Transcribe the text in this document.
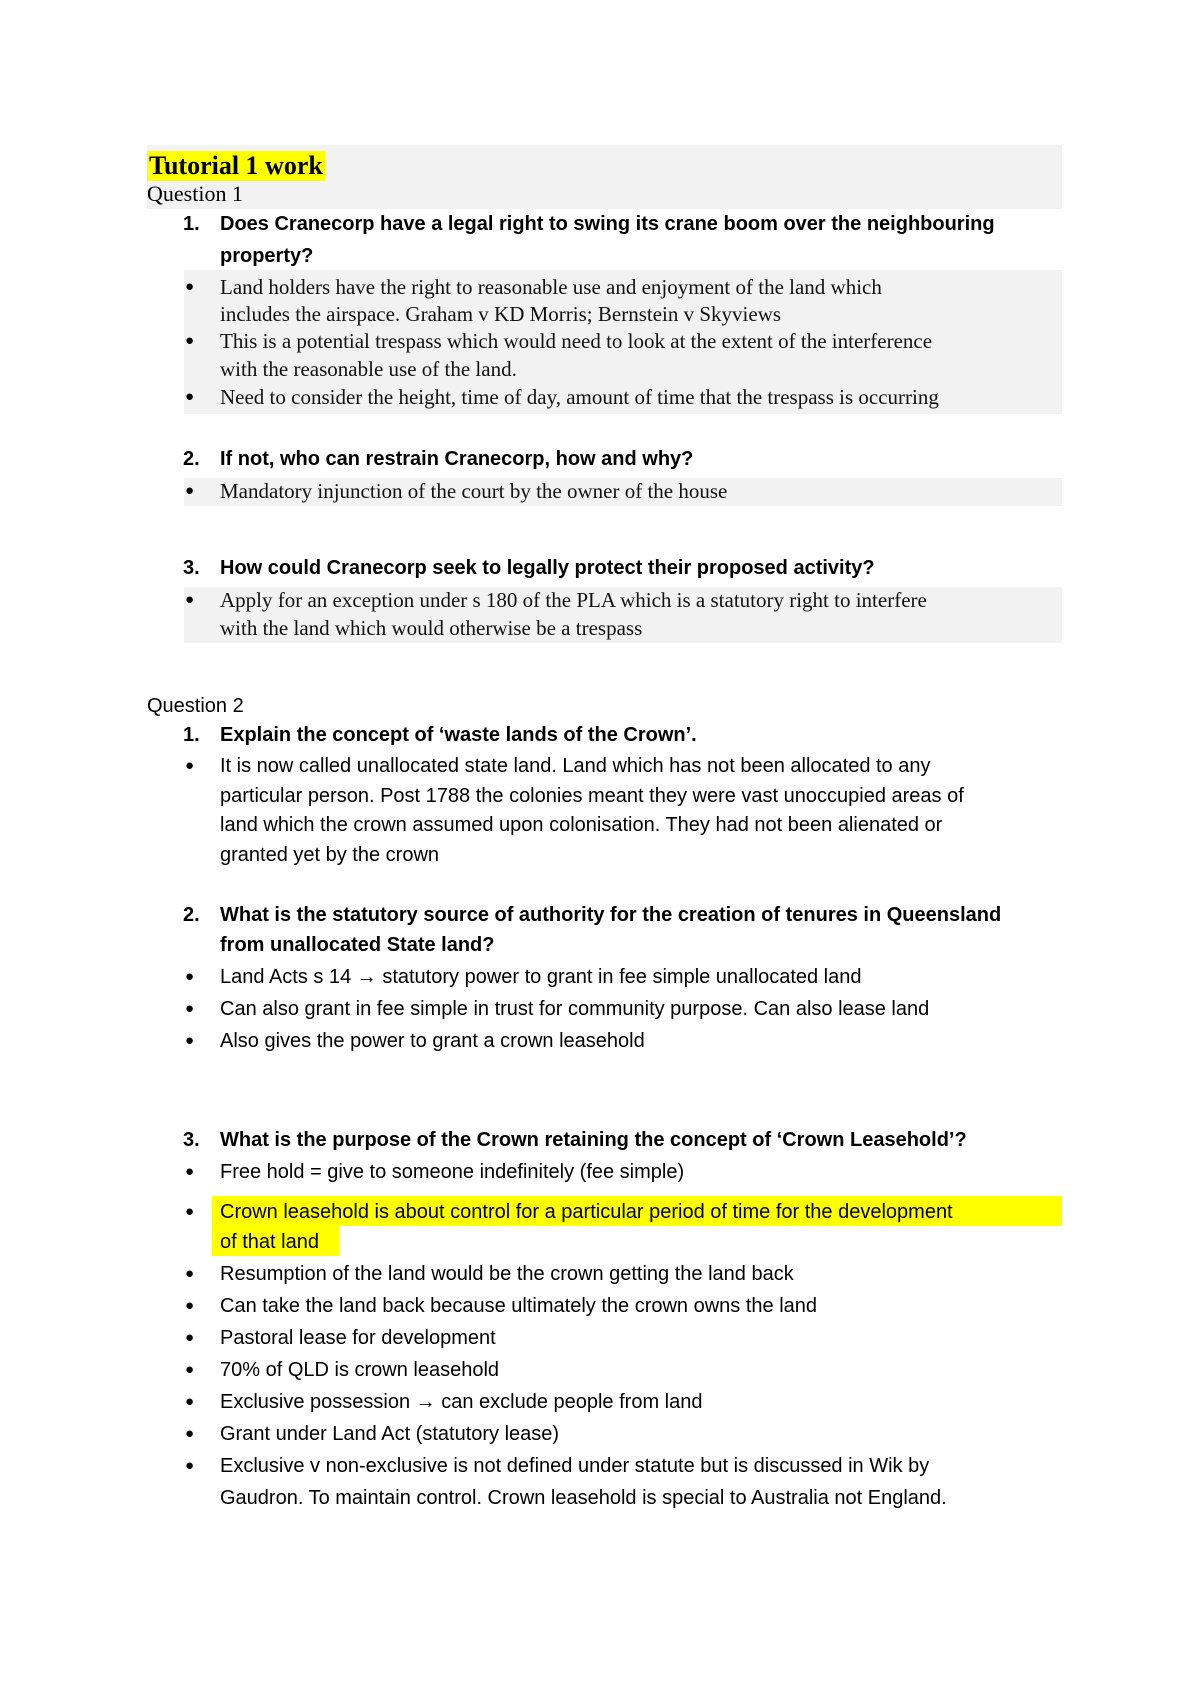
Tutorial 1 work
Question 1
1. Does Cranecorp have a legal right to swing its crane boom over the neighbouring
property?
● Land holders have the right to reasonable use and enjoyment of the land which
includes the airspace. Graham v KD Morris; Bernstein v Skyviews
● This is a potential trespass which would need to look at the extent of the interference
with the reasonable use of the land.
● Need to consider the height, time of day, amount of time that the trespass is occurring
2. If not, who can restrain Cranecorp, how and why?
● Mandatory injunction of the court by the owner of the house
3. How could Cranecorp seek to legally protect their proposed activity?
● Apply for an exception under s 180 of the PLA which is a statutory right to interfere
with the land which would otherwise be a trespass
Question 2
1. Explain the concept of ‘waste lands of the Crown’.
● It is now called unallocated state land. Land which has not been allocated to any
particular person. Post 1788 the colonies meant they were vast unoccupied areas of
land which the crown assumed upon colonisation. They had not been alienated or
granted yet by the crown
2. What is the statutory source of authority for the creation of tenures in Queensland
from unallocated State land?
● Land Acts s 14 → statutory power to grant in fee simple unallocated land
● Can also grant in fee simple in trust for community purpose. Can also lease land
● Also gives the power to grant a crown leasehold
3. What is the purpose of the Crown retaining the concept of ‘Crown Leasehold’?
● Free hold = give to someone indefinitely (fee simple)
● Crown leasehold is about control for a particular period of time for the development
of that land
● Resumption of the land would be the crown getting the land back
● Can take the land back because ultimately the crown owns the land
● Pastoral lease for development
● 70% of QLD is crown leasehold
● Exclusive possession → can exclude people from land
● Grant under Land Act (statutory lease)
● Exclusive v non-exclusive is not defined under statute but is discussed in Wik by
Gaudron. To maintain control. Crown leasehold is special to Australia not England.
